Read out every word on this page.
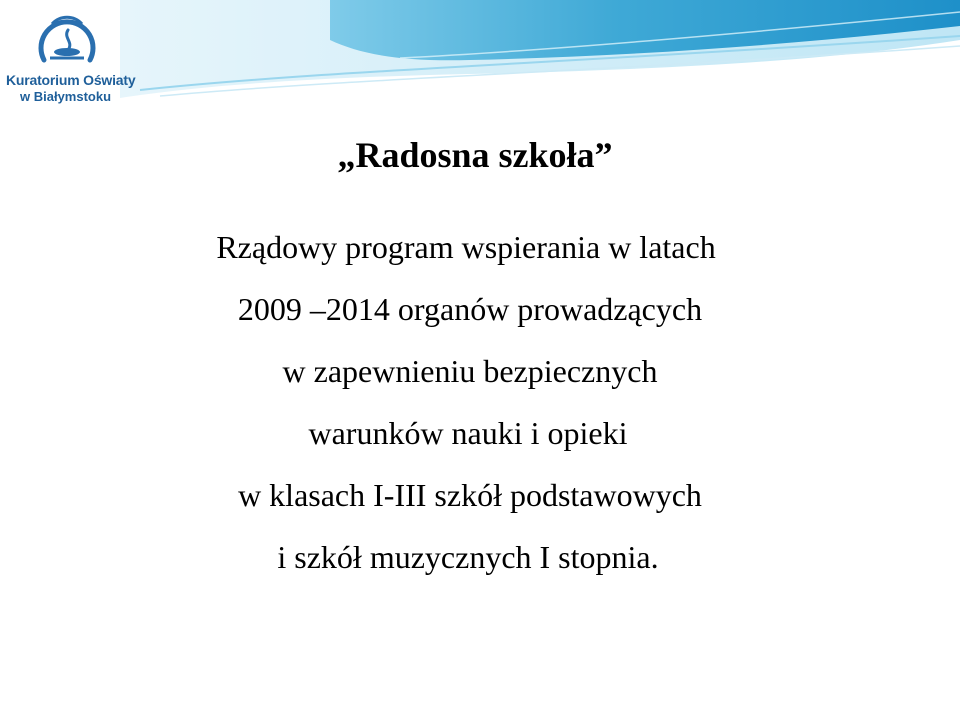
Kuratorium Oświaty
w Białymstoku
„Radosna szkoła”
Rządowy program wspierania w latach
2009 –2014 organów prowadzących
w zapewnieniu bezpiecznych
warunków nauki i opieki
w klasach I-III szkół podstawowych
i szkół muzycznych I stopnia.
